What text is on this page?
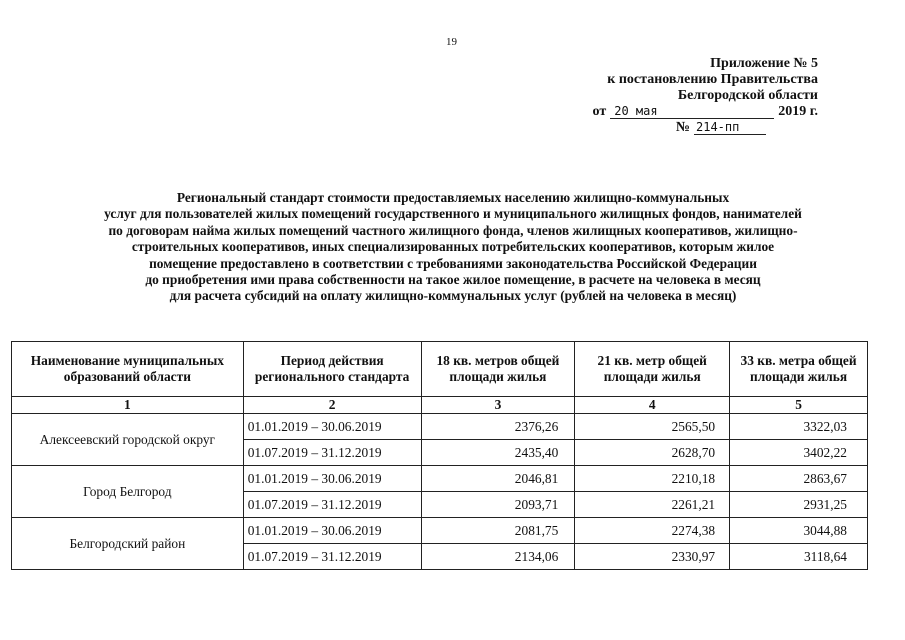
19
Приложение № 5
к постановлению Правительства
Белгородской области
от 20 мая	2019 г.
№ 214-пп
Региональный стандарт стоимости предоставляемых населению жилищно-коммунальных
услуг для пользователей жилых помещений государственного и муниципального жилищных фондов, нанимателей
по договорам найма жилых помещений частного жилищного фонда, членов жилищных кооперативов, жилищно-
строительных кооперативов, иных специализированных потребительских кооперативов, которым жилое
помещение предоставлено в соответствии с требованиями законодательства Российской Федерации
до приобретения ими права собственности на такое жилое помещение, в расчете на человека в месяц
для расчета субсидий на оплату жилищно-коммунальных услуг (рублей на человека в месяц)
Наименование муниципальных образований области	Период действия регионального стандарта	18 кв. метров общей площади жилья	21 кв. метр общей площади жилья	33 кв. метра общей площади жилья
1	2	3	4	5
Алексеевский городской округ	01.01.2019 – 30.06.2019	2376,26	2565,50	3322,03
	01.07.2019 – 31.12.2019	2435,40	2628,70	3402,22
Город Белгород	01.01.2019 – 30.06.2019	2046,81	2210,18	2863,67
	01.07.2019 – 31.12.2019	2093,71	2261,21	2931,25
Белгородский район	01.01.2019 – 30.06.2019	2081,75	2274,38	3044,88
	01.07.2019 – 31.12.2019	2134,06	2330,97	3118,64
